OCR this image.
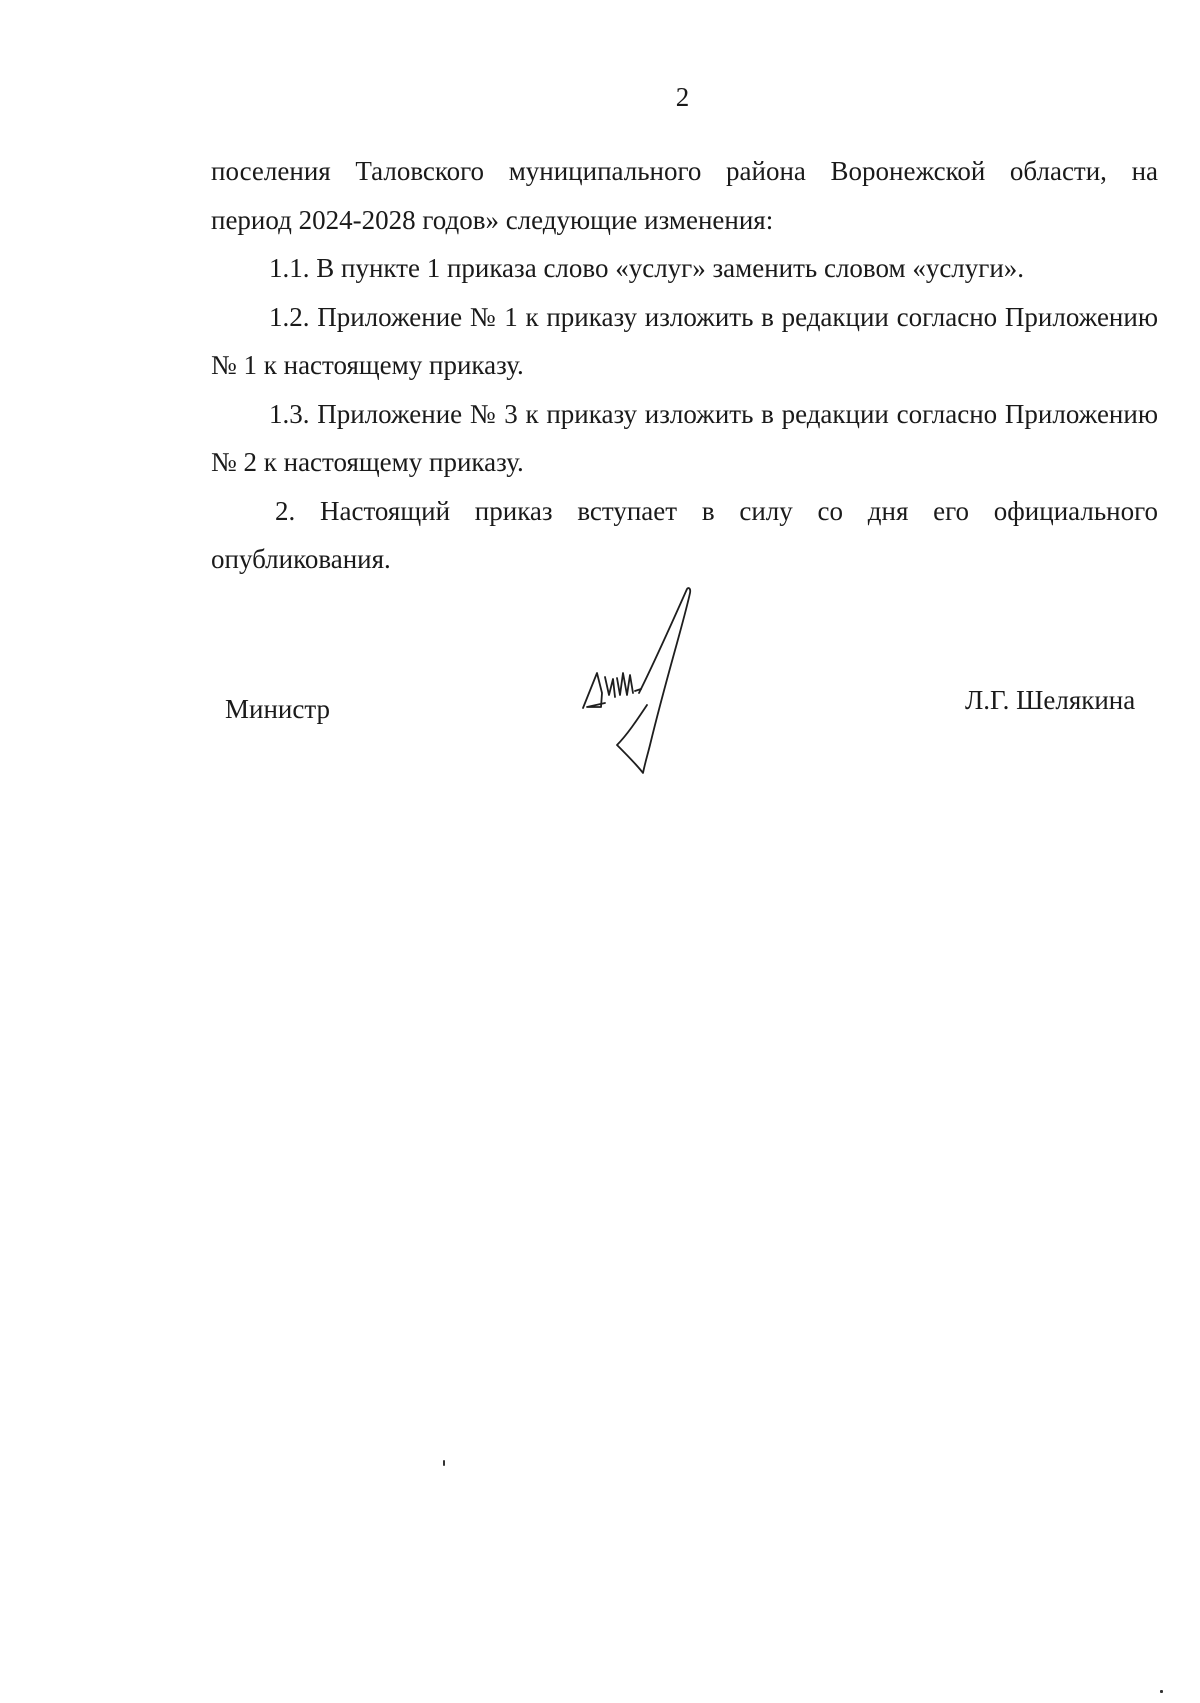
2

поселения Таловского муниципального района Воронежской области, на

период 2024-2028 годов» следующие изменения:

1.1. В пункте 1 приказа слово «услуг» заменить словом «услуги».

1.2. Приложение № 1 к приказу изложить в редакции согласно Приложению № 1 к настоящему приказу.

1.3. Приложение № 3 к приказу изложить в редакции согласно Приложению № 2 к настоящему приказу.

2. Настоящий приказ вступает в силу со дня его официального опубликования.

Министр	Л.Г. Шелякина
